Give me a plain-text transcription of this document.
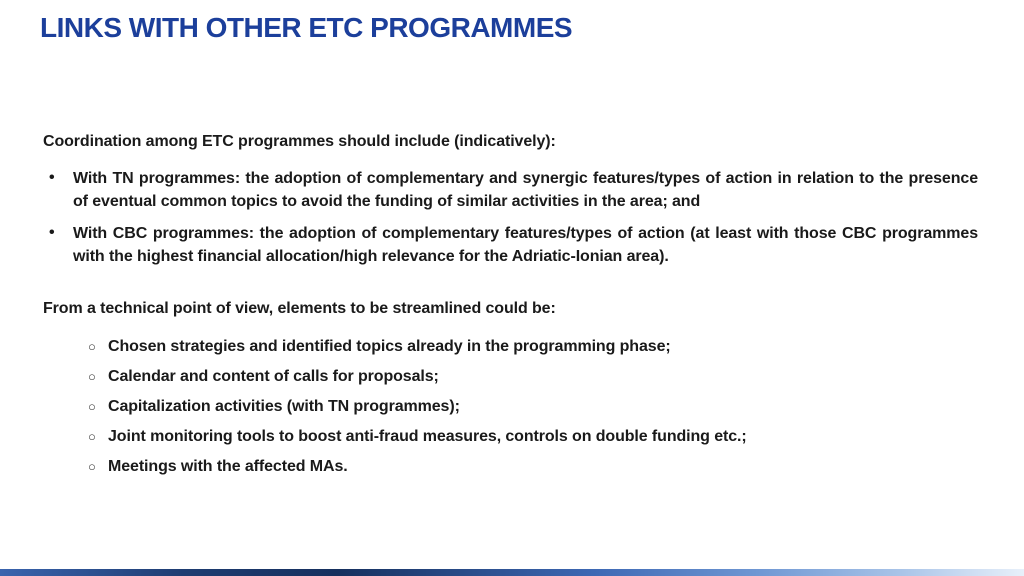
LINKS WITH OTHER ETC PROGRAMMES

Coordination among ETC programmes should include (indicatively):

•	With TN programmes: the adoption of complementary and synergic features/types of action in relation to the presence of eventual common topics to avoid the funding of similar activities in the area; and

•	With CBC programmes: the adoption of complementary features/types of action (at least with those CBC programmes with the highest financial allocation/high relevance for the Adriatic-Ionian area).

From a technical point of view, elements to be streamlined could be:

○ Chosen strategies and identified topics already in the programming phase;

○ Calendar and content of calls for proposals;

○ Capitalization activities (with TN programmes);

○ Joint monitoring tools to boost anti-fraud measures, controls on double funding etc.;

○ Meetings with the affected MAs.
